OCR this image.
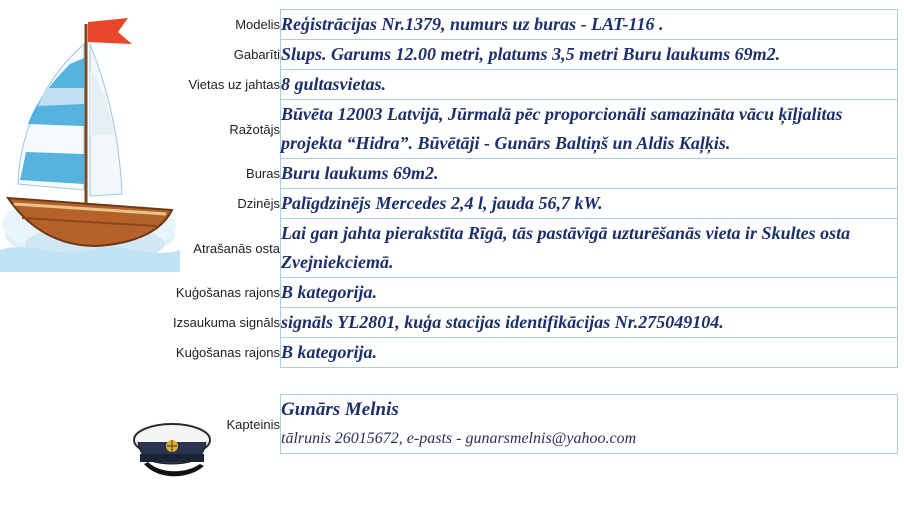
Modelis	Reģistrācijas Nr.1379, numurs uz buras - LAT-116 .
Gabarīti	Slups. Garums 12.00 metri, platums 3,5 metri Buru laukums 69m2.
Vietas uz jahtas	8 gultasvietas.
Ražotājs	Būvēta 12003 Latvijā, Jūrmalā pēc proporcionāli samazināta vācu ķīļjalitas projekta “Hidra”. Būvētāji - Gunārs Baltiņš un Aldis Kaļķis.
Buras	Buru laukums 69m2.
Dzinējs	Palīgdzinējs Mercedes 2,4 l, jauda 56,7 kW.
Atrašanās osta	Lai gan jahta pierakstīta Rīgā, tās pastāvīgā uzturēšanās vieta ir Skultes osta Zvejniekciemā.
Kuģošanas rajons	B kategorija.
Izsaukuma signāls	signāls YL2801, kuģa stacijas identifikācijas Nr.275049104.
Kuģošanas rajons	B kategorija.

Kapteinis	Gunārs Melnis
tālrunis 26015672, e-pasts - gunarsmelnis@yahoo.com
